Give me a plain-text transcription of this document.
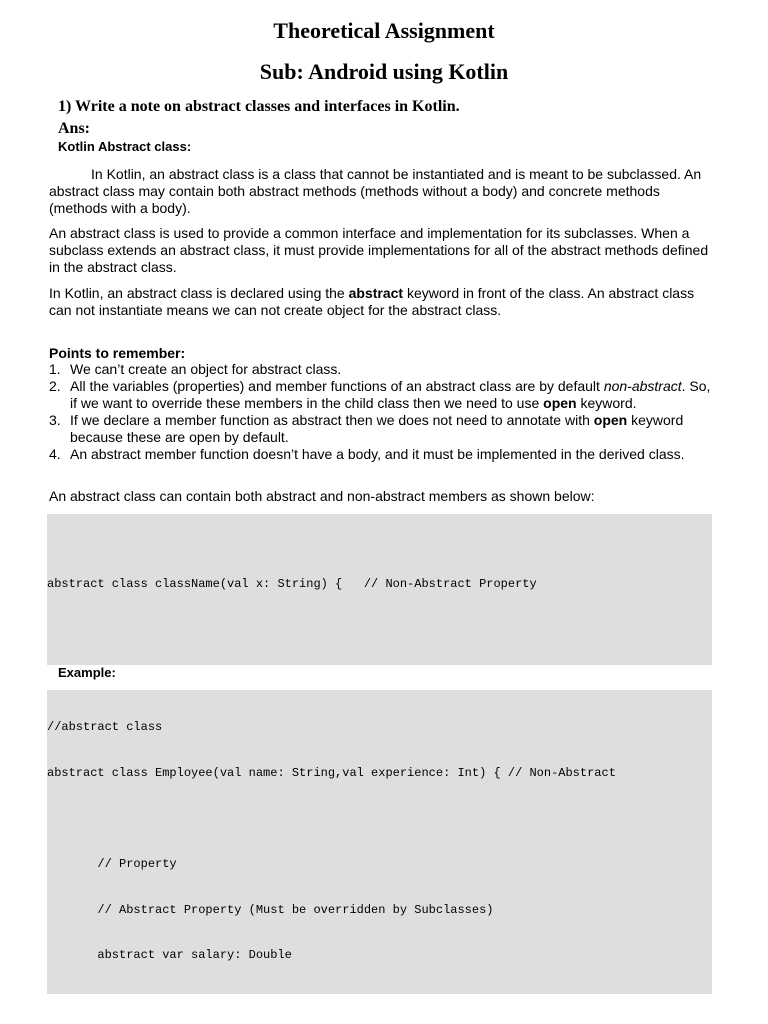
Theoretical Assignment
Sub: Android using Kotlin
1) Write a note on abstract classes and interfaces in Kotlin.
Ans:
Kotlin Abstract class:

In Kotlin, an abstract class is a class that cannot be instantiated and is meant to be subclassed. An abstract class may contain both abstract methods (methods without a body) and concrete methods (methods with a body).

An abstract class is used to provide a common interface and implementation for its subclasses. When a subclass extends an abstract class, it must provide implementations for all of the abstract methods defined in the abstract class.

In Kotlin, an abstract class is declared using the abstract keyword in front of the class. An abstract class can not instantiate means we can not create object for the abstract class.

Points to remember:
1. We can’t create an object for abstract class.
2. All the variables (properties) and member functions of an abstract class are by default non-abstract. So, if we want to override these members in the child class then we need to use open keyword.
3. If we declare a member function as abstract then we does not need to annotate with open keyword because these are open by default.
4. An abstract member function doesn’t have a body, and it must be implemented in the derived class.

An abstract class can contain both abstract and non-abstract members as shown below:

abstract class className(val x: String) {   // Non-Abstract Property

Example:

//abstract class

abstract class Employee(val name: String,val experience: Int) { // Non-Abstract

// Property

// Abstract Property (Must be overridden by Subclasses)

abstract var salary: Double
